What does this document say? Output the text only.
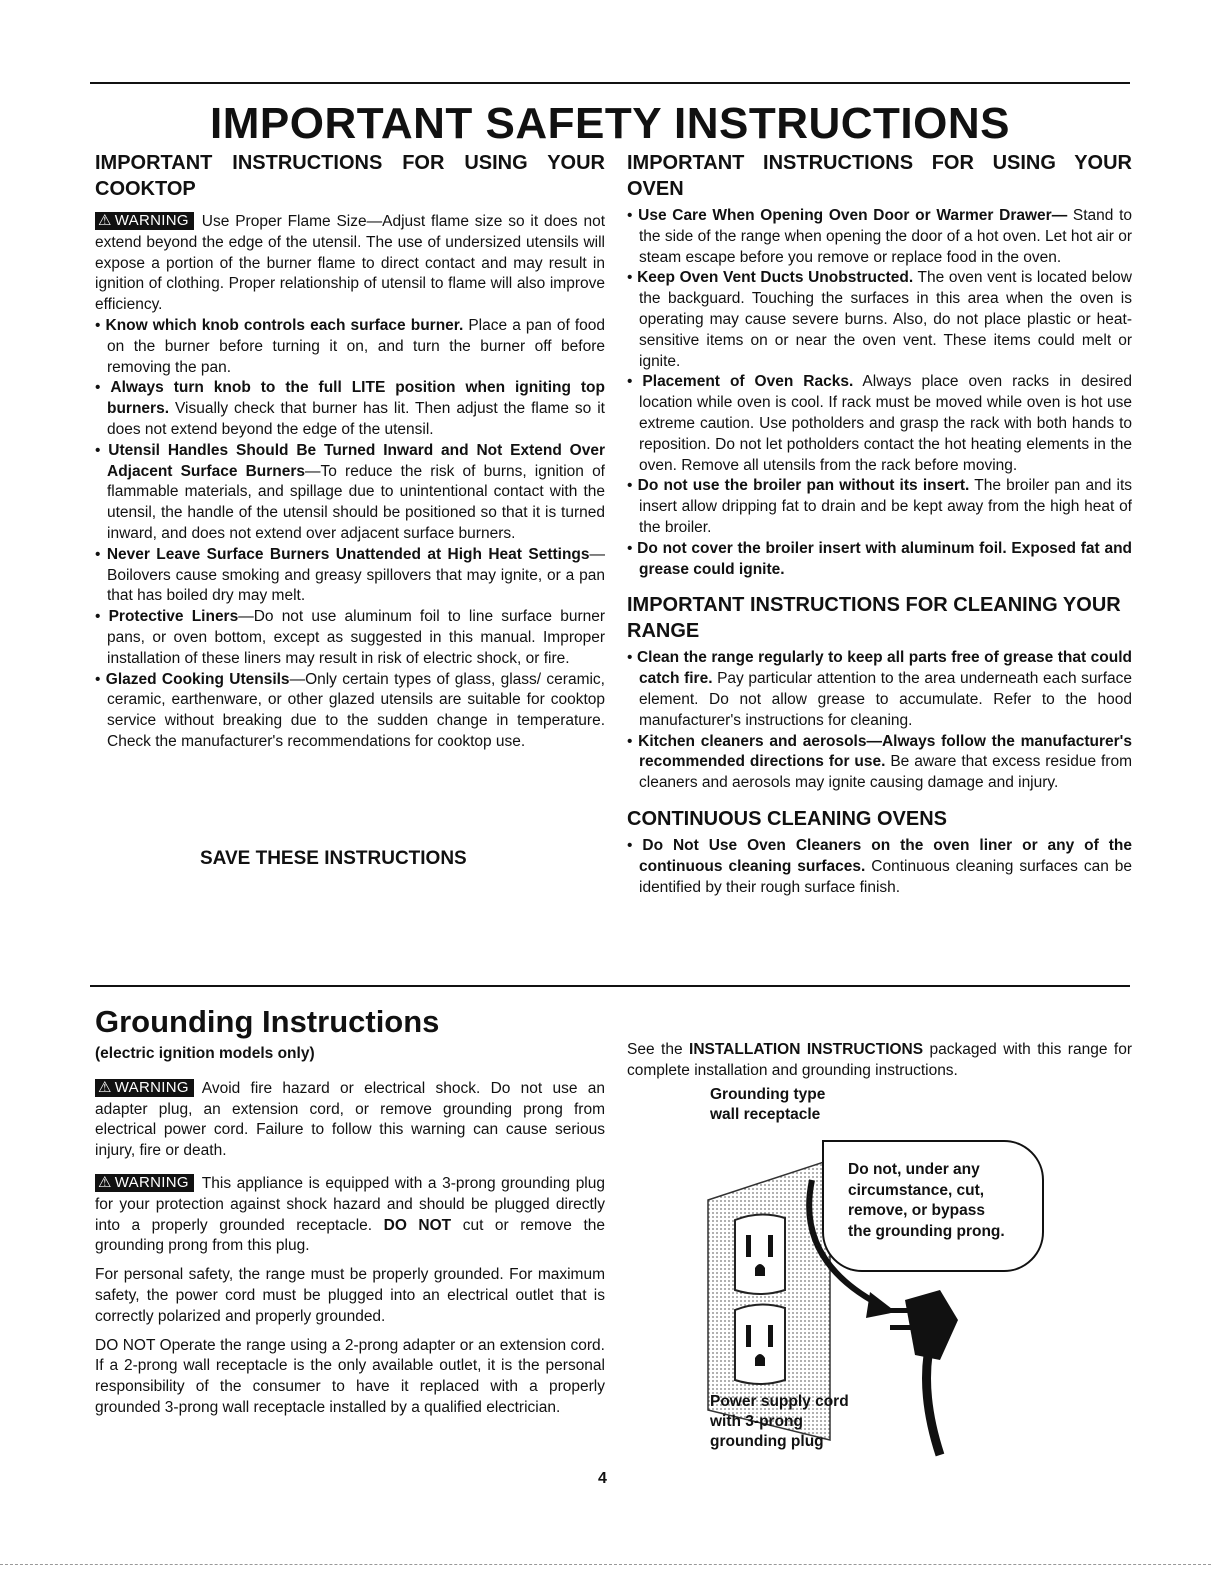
IMPORTANT SAFETY INSTRUCTIONS

IMPORTANT INSTRUCTIONS FOR USING YOUR COOKTOP

⚠ WARNING Use Proper Flame Size—Adjust flame size so it does not extend beyond the edge of the utensil. The use of undersized utensils will expose a portion of the burner flame to direct contact and may result in ignition of clothing. Proper relationship of utensil to flame will also improve efficiency.

• Know which knob controls each surface burner. Place a pan of food on the burner before turning it on, and turn the burner off before removing the pan.

• Always turn knob to the full LITE position when igniting top burners. Visually check that burner has lit. Then adjust the flame so it does not extend beyond the edge of the utensil.

• Utensil Handles Should Be Turned Inward and Not Extend Over Adjacent Surface Burners—To reduce the risk of burns, ignition of flammable materials, and spillage due to unintentional contact with the utensil, the handle of the utensil should be positioned so that it is turned inward, and does not extend over adjacent surface burners.

• Never Leave Surface Burners Unattended at High Heat Settings—Boilovers cause smoking and greasy spillovers that may ignite, or a pan that has boiled dry may melt.

• Protective Liners—Do not use aluminum foil to line surface burner pans, or oven bottom, except as suggested in this manual. Improper installation of these liners may result in risk of electric shock, or fire.

• Glazed Cooking Utensils—Only certain types of glass, glass/ ceramic, ceramic, earthenware, or other glazed utensils are suitable for cooktop service without breaking due to the sudden change in temperature. Check the manufacturer's recommendations for cooktop use.

SAVE THESE INSTRUCTIONS

IMPORTANT INSTRUCTIONS FOR USING YOUR OVEN

• Use Care When Opening Oven Door or Warmer Drawer— Stand to the side of the range when opening the door of a hot oven. Let hot air or steam escape before you remove or replace food in the oven.

• Keep Oven Vent Ducts Unobstructed. The oven vent is located below the backguard. Touching the surfaces in this area when the oven is operating may cause severe burns. Also, do not place plastic or heat-sensitive items on or near the oven vent. These items could melt or ignite.

• Placement of Oven Racks. Always place oven racks in desired location while oven is cool. If rack must be moved while oven is hot use extreme caution. Use potholders and grasp the rack with both hands to reposition. Do not let potholders contact the hot heating elements in the oven. Remove all utensils from the rack before moving.

• Do not use the broiler pan without its insert. The broiler pan and its insert allow dripping fat to drain and be kept away from the high heat of the broiler.

• Do not cover the broiler insert with aluminum foil. Exposed fat and grease could ignite.

IMPORTANT INSTRUCTIONS FOR CLEANING YOUR RANGE

• Clean the range regularly to keep all parts free of grease that could catch fire. Pay particular attention to the area underneath each surface element. Do not allow grease to accumulate. Refer to the hood manufacturer's instructions for cleaning.

• Kitchen cleaners and aerosols—Always follow the manufacturer's recommended directions for use. Be aware that excess residue from cleaners and aerosols may ignite causing damage and injury.

CONTINUOUS CLEANING OVENS

• Do Not Use Oven Cleaners on the oven liner or any of the continuous cleaning surfaces. Continuous cleaning surfaces can be identified by their rough surface finish.

Grounding Instructions

(electric ignition models only)

⚠ WARNING Avoid fire hazard or electrical shock. Do not use an adapter plug, an extension cord, or remove grounding prong from electrical power cord. Failure to follow this warning can cause serious injury, fire or death.

⚠ WARNING This appliance is equipped with a 3-prong grounding plug for your protection against shock hazard and should be plugged directly into a properly grounded receptacle. DO NOT cut or remove the grounding prong from this plug.

For personal safety, the range must be properly grounded. For maximum safety, the power cord must be plugged into an electrical outlet that is correctly polarized and properly grounded.

DO NOT Operate the range using a 2-prong adapter or an extension cord. If a 2-prong wall receptacle is the only available outlet, it is the personal responsibility of the consumer to have it replaced with a properly grounded 3-prong wall receptacle installed by a qualified electrician.

See the INSTALLATION INSTRUCTIONS packaged with this range for complete installation and grounding instructions.

Grounding type
wall receptacle

Do not, under any
circumstance, cut,
remove, or bypass
the grounding prong.

Power supply cord
with 3-prong
grounding plug
4
